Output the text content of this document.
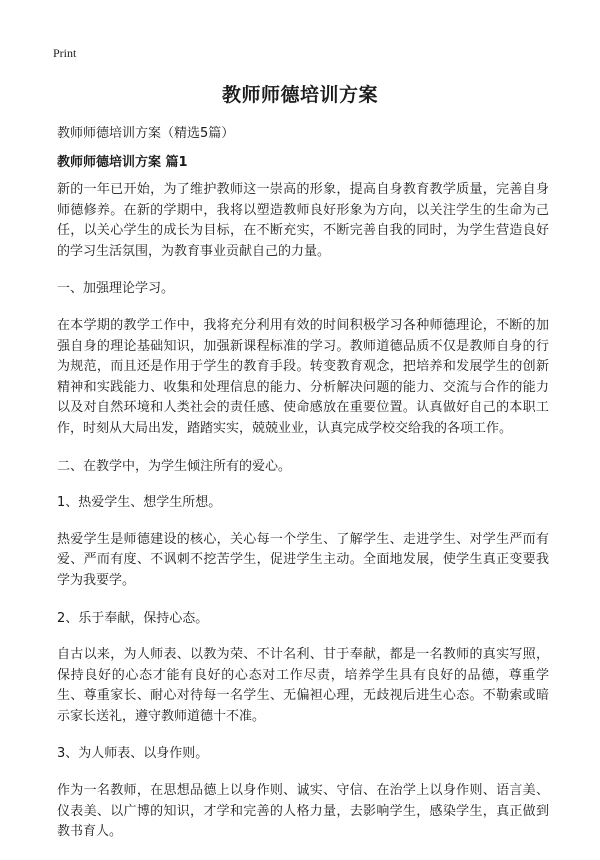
Print
教师师德培训方案
教师师德培训方案（精选5篇）
教师师德培训方案 篇1

新的一年已开始，为了维护教师这一崇高的形象，提高自身教育教学质量，完善自身师德修养。在新的学期中，我将以塑造教师良好形象为方向，以关注学生的生命为己任，以关心学生的成长为目标，在不断充实，不断完善自我的同时，为学生营造良好的学习生活氛围，为教育事业贡献自己的力量。

一、加强理论学习。

在本学期的教学工作中，我将充分利用有效的时间积极学习各种师德理论，不断的加强自身的理论基础知识，加强新课程标准的学习。教师道德品质不仅是教师自身的行为规范，而且还是作用于学生的教育手段。转变教育观念，把培养和发展学生的创新精神和实践能力、收集和处理信息的能力、分析解决问题的能力、交流与合作的能力以及对自然环境和人类社会的责任感、使命感放在重要位置。认真做好自己的本职工作，时刻从大局出发，踏踏实实，兢兢业业，认真完成学校交给我的各项工作。

二、在教学中，为学生倾注所有的爱心。

1、热爱学生、想学生所想。

热爱学生是师德建设的核心，关心每一个学生、了解学生、走进学生、对学生严而有爱、严而有度、不讽刺不挖苦学生，促进学生主动。全面地发展，使学生真正变要我学为我要学。

2、乐于奉献，保持心态。

自古以来，为人师表、以教为荣、不计名利、甘于奉献，都是一名教师的真实写照，保持良好的心态才能有良好的心态对工作尽责，培养学生具有良好的品德，尊重学生、尊重家长、耐心对待每一名学生、无偏袒心理，无歧视后进生心态。不勒索或暗示家长送礼，遵守教师道德十不准。

3、为人师表、以身作则。

作为一名教师，在思想品德上以身作则、诚实、守信、在治学上以身作则、语言美、仪表美、以广博的知识，才学和完善的人格力量，去影响学生，感染学生，真正做到教书育人。
